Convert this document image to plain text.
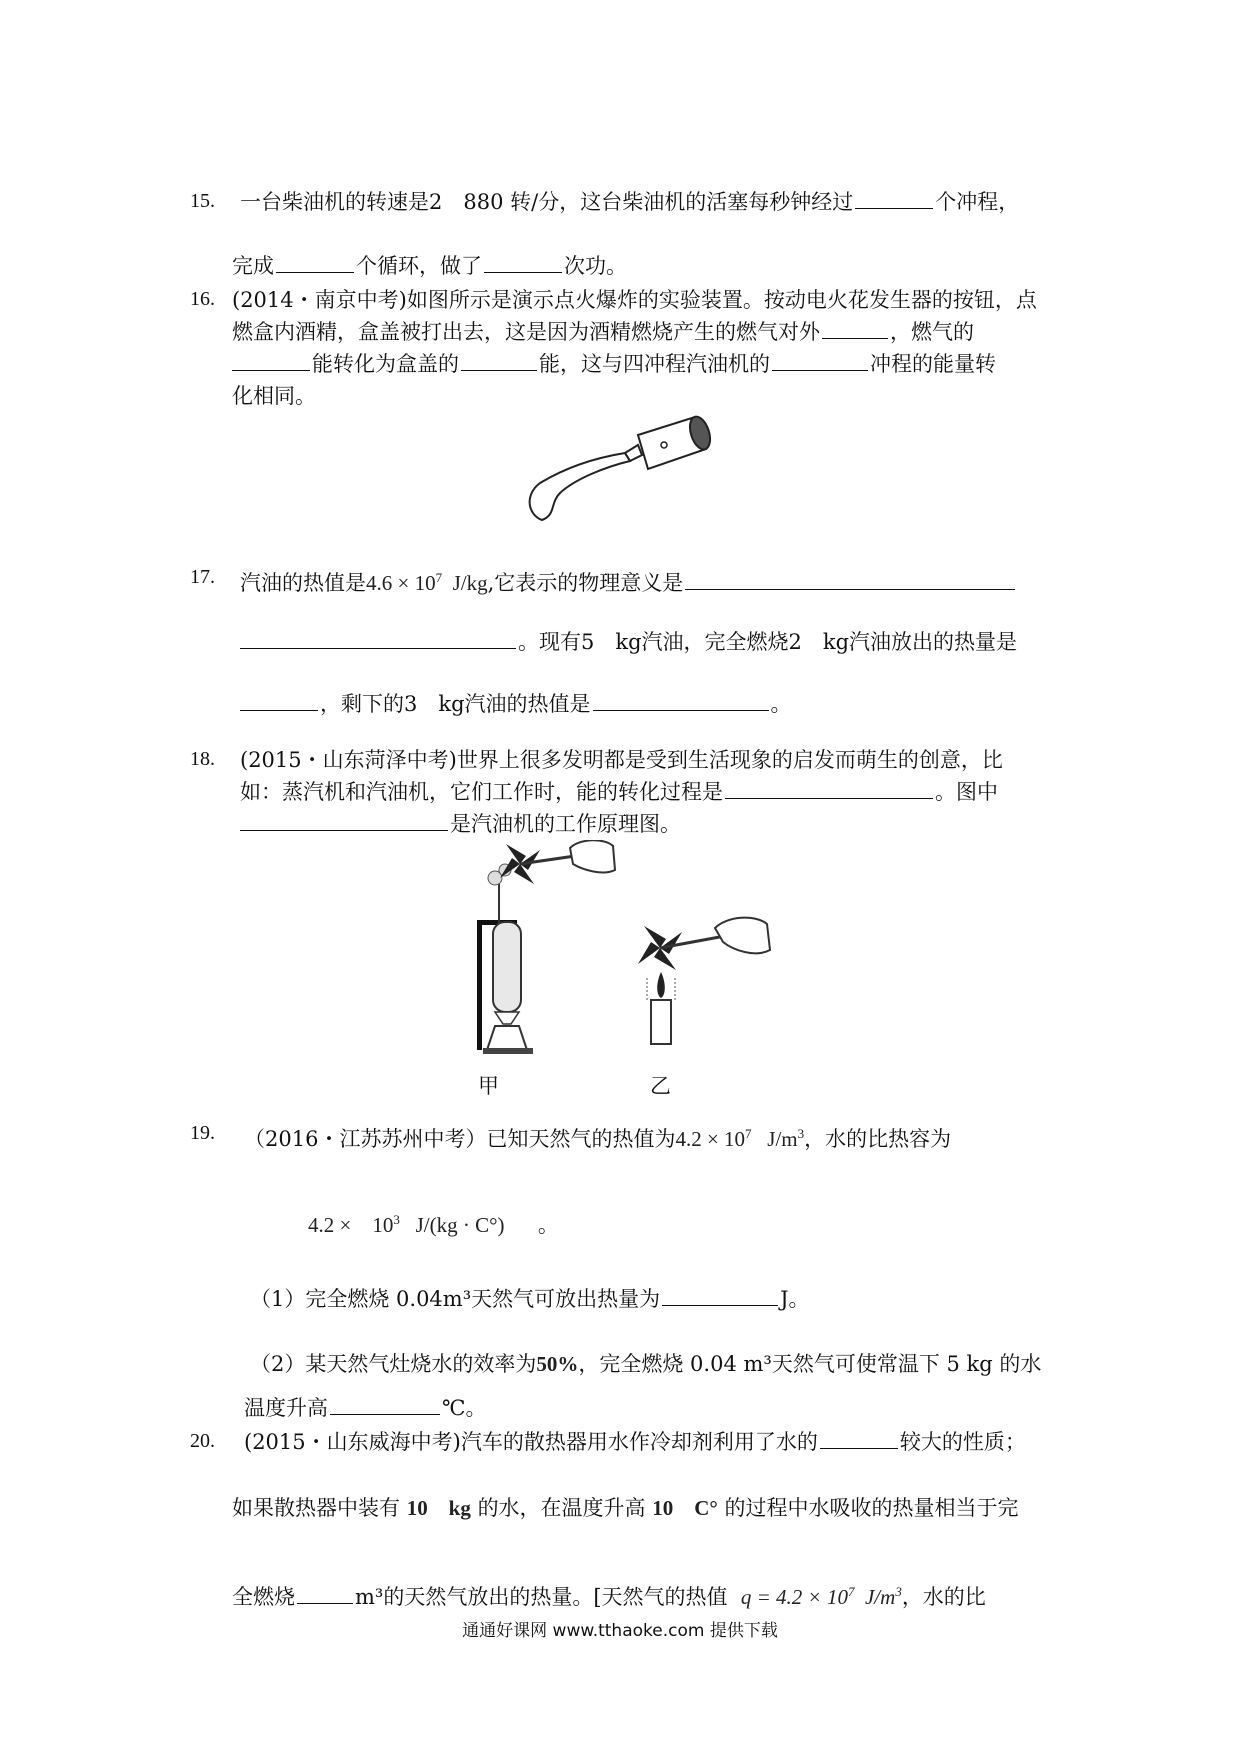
15. 一台柴油机的转速是2　880 转/分，这台柴油机的活塞每秒钟经过	个冲程，
完成	个循环，做了	次功。
16. (2014・南京中考)如图所示是演示点火爆炸的实验装置。按动电火花发生器的按钮，点
燃盒内酒精，盒盖被打出去，这是因为酒精燃烧产生的燃气对外	，燃气的
能转化为盒盖的	能，这与四冲程汽油机的	冲程的能量转
化相同。
17. 汽油的热值是$4.6 \times 10^7$ J/kg,它表示的物理意义是
。现有5　kg汽油，完全燃烧2　kg汽油放出的热量是
，剩下的3　kg汽油的热值是	。
18. (2015・山东菏泽中考)世界上很多发明都是受到生活现象的启发而萌生的创意，比
如：蒸汽机和汽油机，它们工作时，能的转化过程是	。图中
是汽油机的工作原理图。
甲	乙
19. （2016・江苏苏州中考）已知天然气的热值为$4.2 \times 10^7$ $J/m^3$，水的比热容为
$4.2 \times 10^3$ J/(kg · C°) 。
（1）完全燃烧 0.04m³天然气可放出热量为	J。
（2）某天然气灶烧水的效率为50%，完全燃烧 0.04 m³天然气可使常温下 5 kg 的水
温度升高	℃。
20. (2015・山东威海中考)汽车的散热器用水作冷却剂利用了水的	较大的性质；
如果散热器中装有 10　kg 的水，在温度升高 10　C° 的过程中水吸收的热量相当于完
全燃烧	m³的天然气放出的热量。[天然气的热值 $q = 4.2 \times 10^7$ $J/m^3$，水的比
通通好课网 www.tthaoke.com 提供下载
